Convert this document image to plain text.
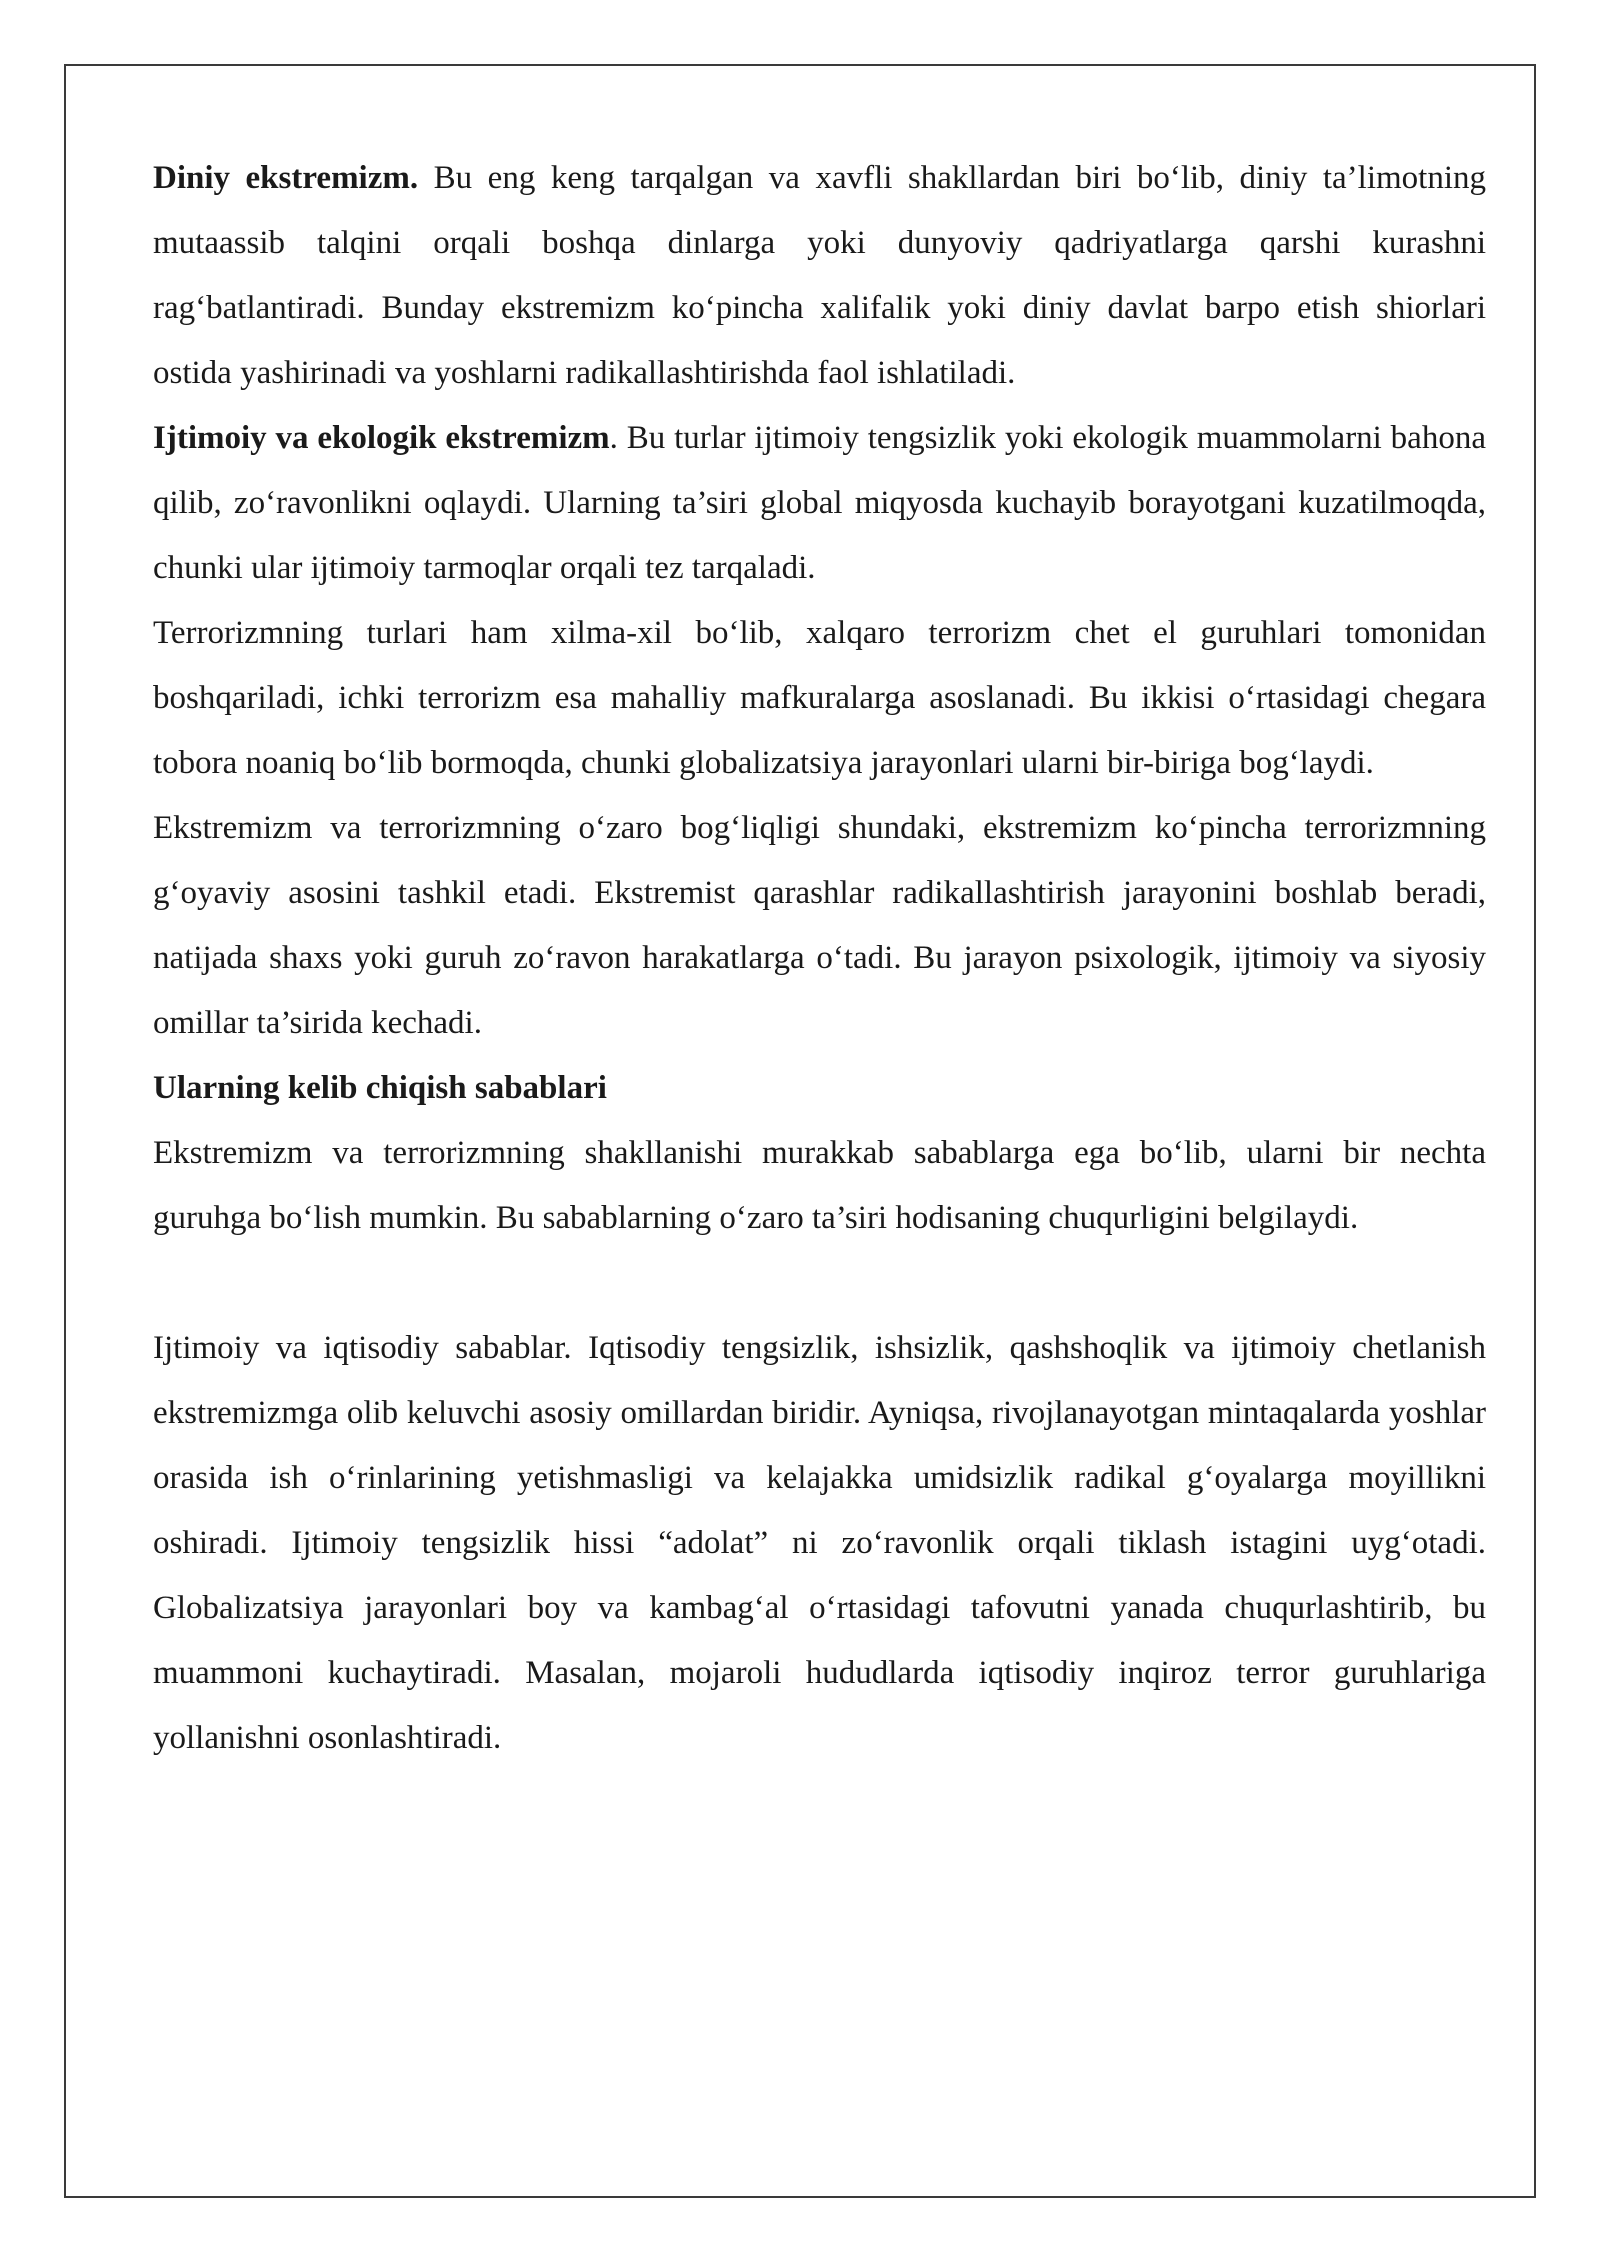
Diniy ekstremizm. Bu eng keng tarqalgan va xavfli shakllardan biri bo‘lib, diniy ta’limotning mutaassib talqini orqali boshqa dinlarga yoki dunyoviy qadriyatlarga qarshi kurashni rag‘batlantiradi. Bunday ekstremizm ko‘pincha xalifalik yoki diniy davlat barpo etish shiorlari ostida yashirinadi va yoshlarni radikallashtirishda faol ishlatiladi.

Ijtimoiy va ekologik ekstremizm. Bu turlar ijtimoiy tengsizlik yoki ekologik muammolarni bahona qilib, zo‘ravonlikni oqlaydi. Ularning ta’siri global miqyosda kuchayib borayotgani kuzatilmoqda, chunki ular ijtimoiy tarmoqlar orqali tez tarqaladi.

Terrorizmning turlari ham xilma-xil bo‘lib, xalqaro terrorizm chet el guruhlari tomonidan boshqariladi, ichki terrorizm esa mahalliy mafkuralarga asoslanadi. Bu ikkisi o‘rtasidagi chegara tobora noaniq bo‘lib bormoqda, chunki globalizatsiya jarayonlari ularni bir-biriga bog‘laydi.

Ekstremizm va terrorizmning o‘zaro bog‘liqligi shundaki, ekstremizm ko‘pincha terrorizmning g‘oyaviy asosini tashkil etadi. Ekstremist qarashlar radikallashtirish jarayonini boshlab beradi, natijada shaxs yoki guruh zo‘ravon harakatlarga o‘tadi. Bu jarayon psixologik, ijtimoiy va siyosiy omillar ta’sirida kechadi.

Ularning kelib chiqish sabablari

Ekstremizm va terrorizmning shakllanishi murakkab sabablarga ega bo‘lib, ularni bir nechta guruhga bo‘lish mumkin. Bu sabablarning o‘zaro ta’siri hodisaning chuqurligini belgilaydi.

Ijtimoiy va iqtisodiy sabablar. Iqtisodiy tengsizlik, ishsizlik, qashshoqlik va ijtimoiy chetlanish ekstremizmga olib keluvchi asosiy omillardan biridir. Ayniqsa, rivojlanayotgan mintaqalarda yoshlar orasida ish o‘rinlarining yetishmasligi va kelajakka umidsizlik radikal g‘oyalarga moyillikni oshiradi. Ijtimoiy tengsizlik hissi “adolat” ni zo‘ravonlik orqali tiklash istagini uyg‘otadi. Globalizatsiya jarayonlari boy va kambag‘al o‘rtasidagi tafovutni yanada chuqurlashtirib, bu muammoni kuchaytiradi. Masalan, mojaroli hududlarda iqtisodiy inqiroz terror guruhlariga yollanishni osonlashtiradi.
